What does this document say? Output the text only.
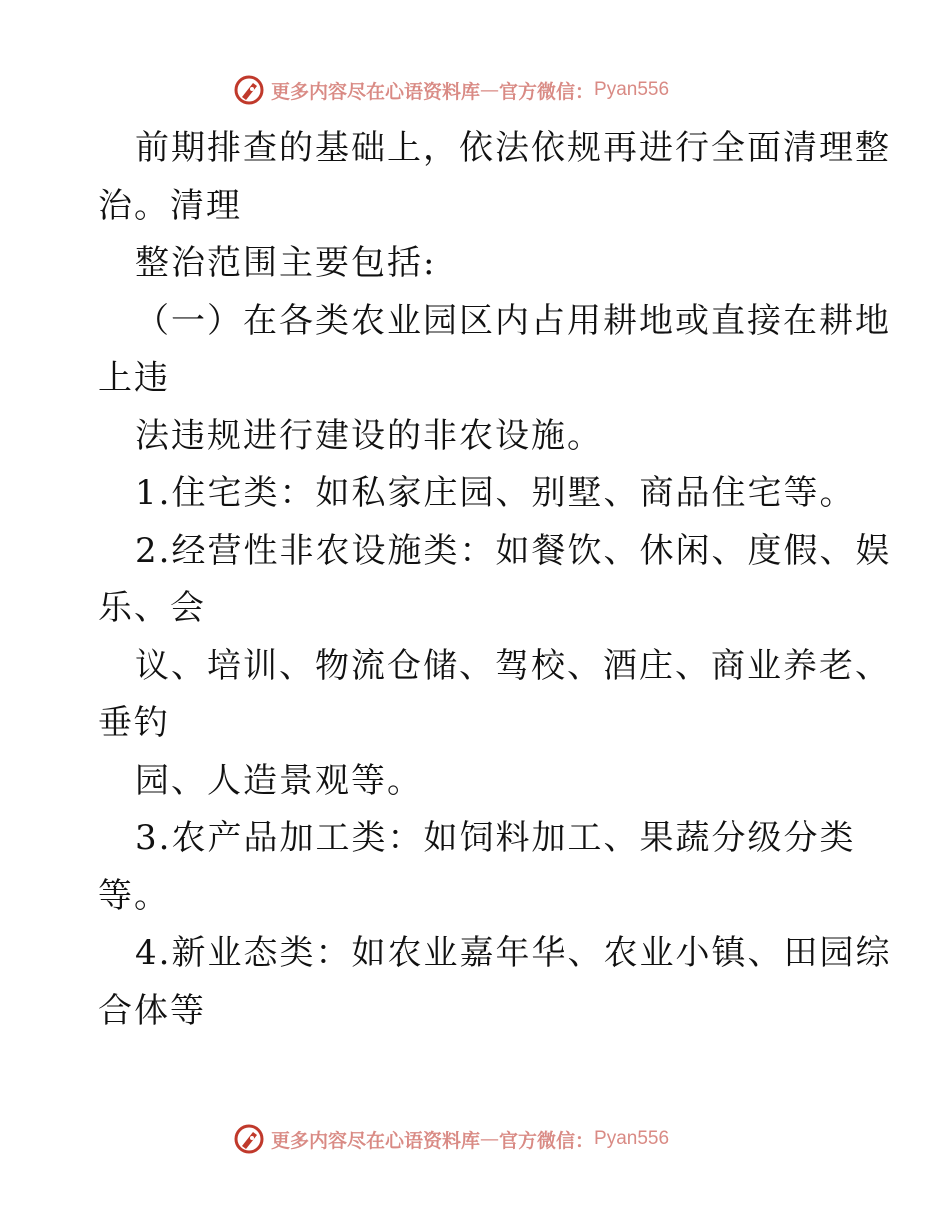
更多内容尽在心语资料库 — 官方微信： Pyan556
前期排查的基础上，依法依规再进行全面清理整
治。清理
整治范围主要包括:
（一）在各类农业园区内占用耕地或直接在耕地
上违
法违规进行建设的非农设施。
1.住宅类：如私家庄园、别墅、商品住宅等。
2.经营性非农设施类：如餐饮、休闲、度假、娱
乐、会
议、培训、物流仓储、驾校、酒庄、商业养老、
垂钓
园、人造景观等。
3.农产品加工类：如饲料加工、果蔬分级分类
等。
4.新业态类：如农业嘉年华、农业小镇、田园综
合体等
更多内容尽在心语资料库 — 官方微信： Pyan556
